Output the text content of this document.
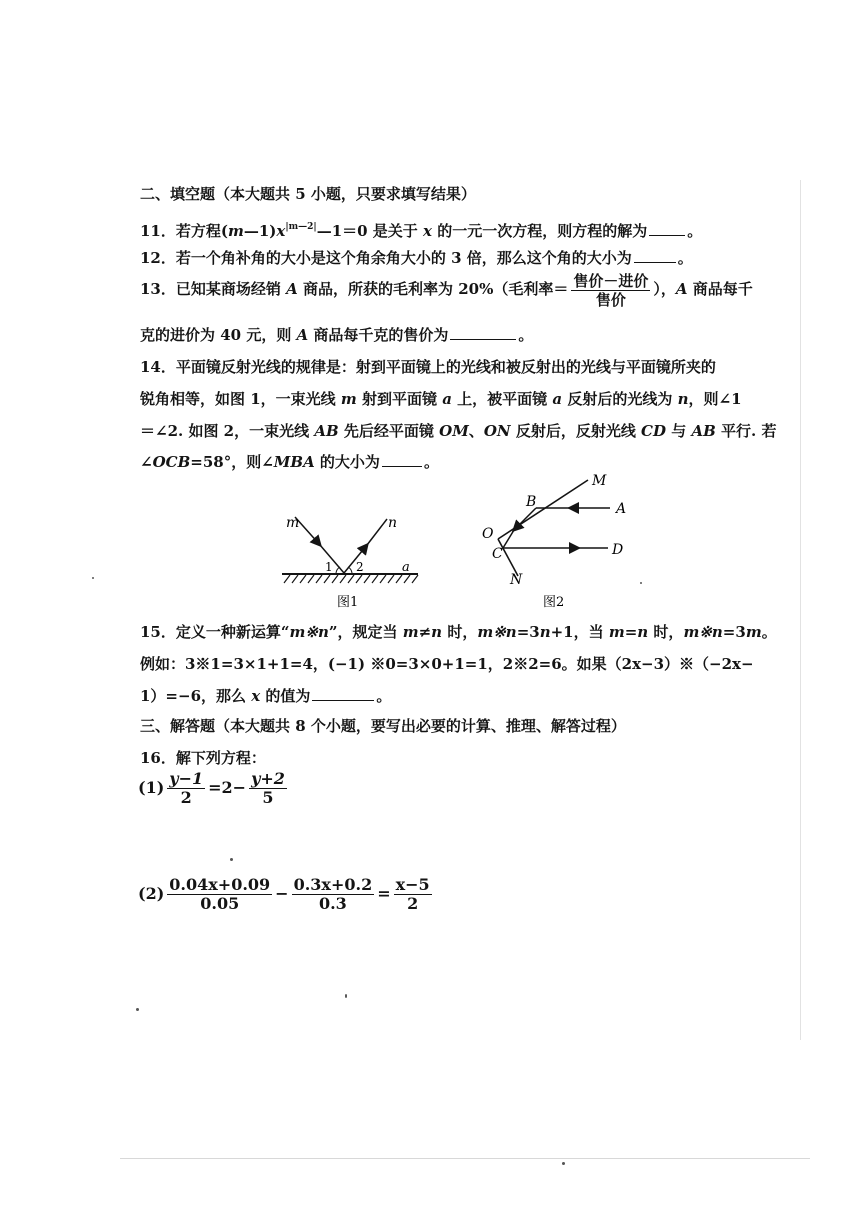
二、填空题（本大题共 5 小题，只要求填写结果）
11．若方程$(m—1)x^{|m—2|}—1=0$ 是关于 x 的一元一次方程，则方程的解为	。
12．若一个角补角的大小是这个角余角大小的 3 倍，那么这个角的大小为	。
13．已知某商场经销 A 商品，所获的毛利率为 20%（毛利率＝ $\frac{\text{售价－进价}}{\text{售价}}$ ），A 商品每千
克的进价为 40 元，则 A 商品每千克的售价为	。
14．平面镜反射光线的规律是：射到平面镜上的光线和被反射出的光线与平面镜所夹的
锐角相等，如图 1，一束光线 m 射到平面镜 a 上，被平面镜 a 反射后的光线为 n，则∠1
＝∠2. 如图 2，一束光线 AB 先后经平面镜 OM、ON 反射后，反射光线 CD 与 AB 平行. 若
∠OCB=58°，则∠MBA 的大小为	。
m	n
1 2	a
图1
M
B	A
O
C	D
N
图2
15．定义一种新运算“m※n”，规定当 m≠n 时，m※n=3n+1，当 m=n 时，m※n=3m。
例如：3※1=3×1+1=4，(−1) ※0=3×0+1=1，2※2=6。如果（2x−3）※（−2x−
1）=−6，那么 x 的值为	。
三、解答题（本大题共 8 个小题，要写出必要的计算、推理、解答过程）
16．解下列方程：
$(1) \frac{y-1}{2} =2- \frac{y+2}{5}$
$(2) \frac{0.04x+0.09}{0.05} - \frac{0.3x+0.2}{0.3} = \frac{x-5}{2}$
